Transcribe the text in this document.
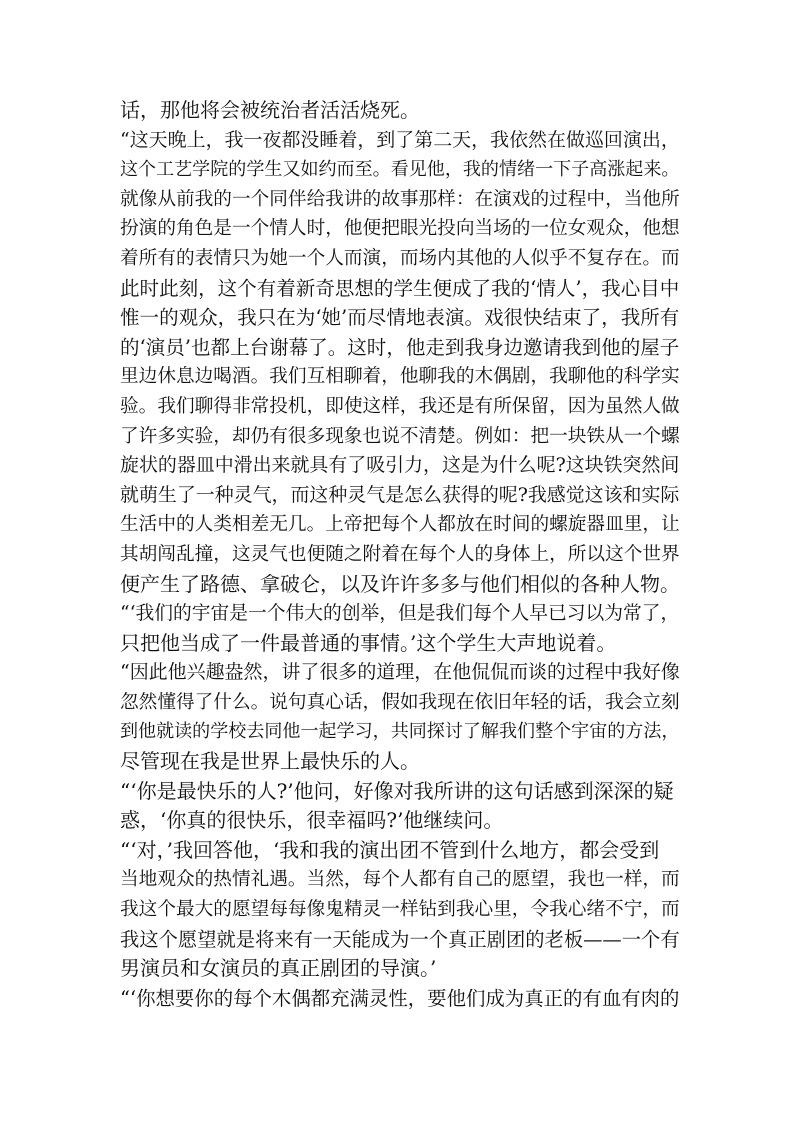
话，那他将会被统治者活活烧死。
“这天晚上，我一夜都没睡着，到了第二天，我依然在做巡回演出，
这个工艺学院的学生又如约而至。看见他，我的情绪一下子高涨起来。
就像从前我的一个同伴给我讲的故事那样：在演戏的过程中，当他所
扮演的角色是一个情人时，他便把眼光投向当场的一位女观众，他想
着所有的表情只为她一个人而演，而场内其他的人似乎不复存在。而
此时此刻，这个有着新奇思想的学生便成了我的‘情人’，我心目中
惟一的观众，我只在为‘她’而尽情地表演。戏很快结束了，我所有
的‘演员’也都上台谢幕了。这时，他走到我身边邀请我到他的屋子
里边休息边喝酒。我们互相聊着，他聊我的木偶剧，我聊他的科学实
验。我们聊得非常投机，即使这样，我还是有所保留，因为虽然人做
了许多实验，却仍有很多现象也说不清楚。例如：把一块铁从一个螺
旋状的器皿中滑出来就具有了吸引力，这是为什么呢?这块铁突然间
就萌生了一种灵气，而这种灵气是怎么获得的呢?我感觉这该和实际
生活中的人类相差无几。上帝把每个人都放在时间的螺旋器皿里，让
其胡闯乱撞，这灵气也便随之附着在每个人的身体上，所以这个世界
便产生了路德、拿破仑，以及许许多多与他们相似的各种人物。
“‘我们的宇宙是一个伟大的创举，但是我们每个人早已习以为常了，
只把他当成了一件最普通的事情。’这个学生大声地说着。
“因此他兴趣盎然，讲了很多的道理，在他侃侃而谈的过程中我好像
忽然懂得了什么。说句真心话，假如我现在依旧年轻的话，我会立刻
到他就读的学校去同他一起学习，共同探讨了解我们整个宇宙的方法，
尽管现在我是世界上最快乐的人。
“‘你是最快乐的人?’他问，好像对我所讲的这句话感到深深的疑
惑，‘你真的很快乐，很幸福吗?’他继续问。
“‘对，’我回答他，‘我和我的演出团不管到什么地方，都会受到
当地观众的热情礼遇。当然，每个人都有自己的愿望，我也一样，而
我这个最大的愿望每每像鬼精灵一样钻到我心里，令我心绪不宁，而
我这个愿望就是将来有一天能成为一个真正剧团的老板——一个有
男演员和女演员的真正剧团的导演。’
“‘你想要你的每个木偶都充满灵性，要他们成为真正的有血有肉的
